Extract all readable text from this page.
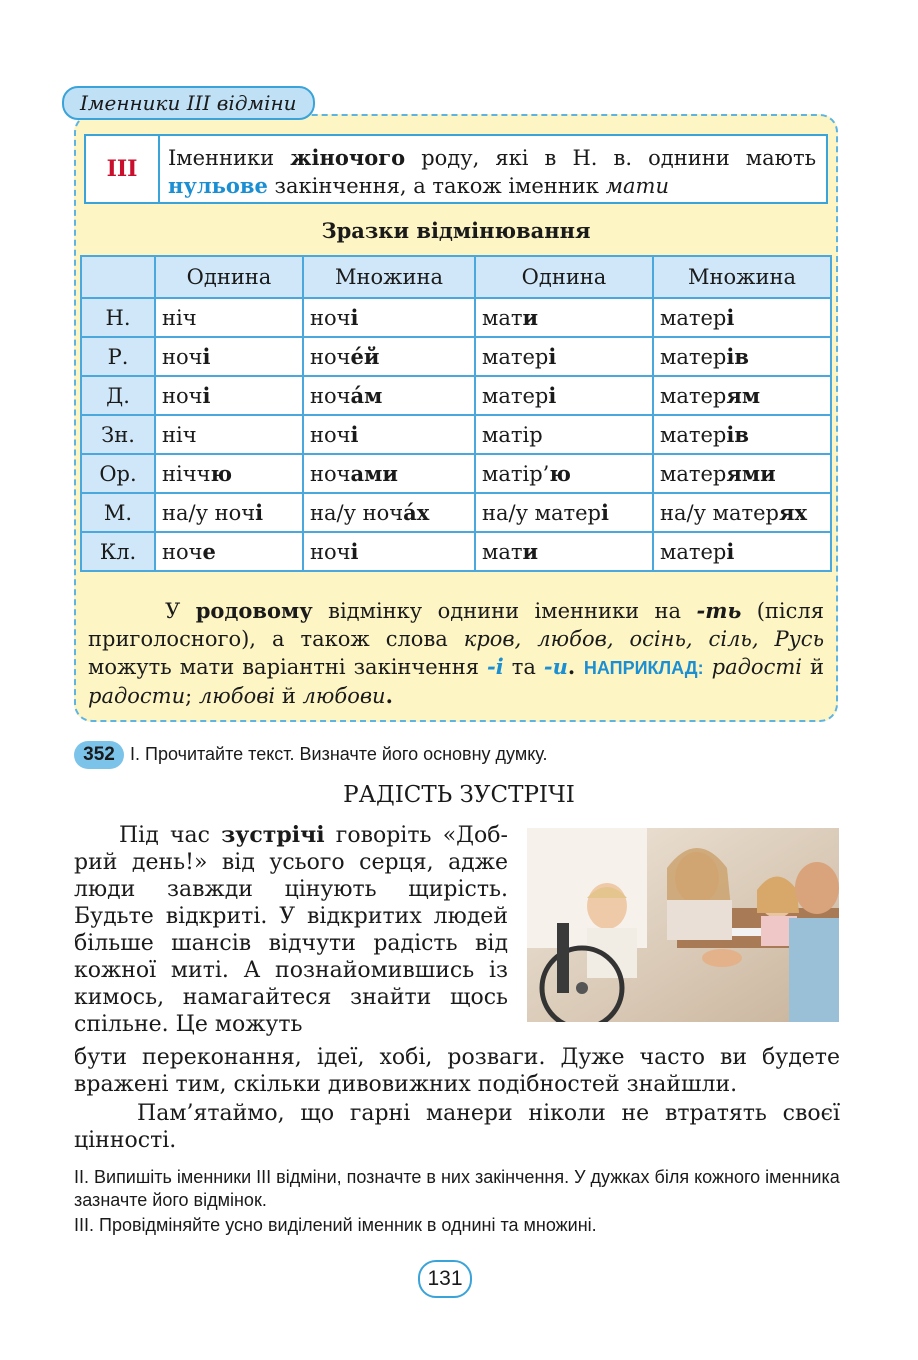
Іменники III відміни
III	Іменники жіночого роду, які в Н. в. однини мають нульове закінчення, а також іменник мати
Зразки відмінювання
	Однина	Множина	Однина	Множина
Н.	ніч	ночі	мати	матері
Р.	ночі	ноче́й	матері	матерів
Д.	ночі	ноча́м	матері	матерям
Зн.	ніч	ночі	матір	матерів
Ор.	ніччю	ночами	матір’ю	матерями
М.	на/у ночі	на/у ноча́х	на/у матері	на/у матерях
Кл.	ноче	ночі	мати	матері
У родовому відмінку однини іменники на -ть (після приголосного), а також слова кров, любов, осінь, сіль, Русь можуть мати варіантні закінчення -і та -и. НАПРИКЛАД: радості й радости; любові й любови.
352 І. Прочитайте текст. Визначте його основну думку.
РАДІСТЬ ЗУСТРІЧІ
Під час зустрічі говоріть «Добрий день!» від усього серця, адже люди завжди цінують щирість. Будьте відкриті. У відкритих людей більше шансів відчути радість від кожної миті. А познайомившись із кимось, намагайтеся знайти щось спільне. Це можуть
бути переконання, ідеї, хобі, розваги. Дуже часто ви будете вражені тим, скільки дивовижних подібностей знайшли.
Пам’ятаймо, що гарні манери ніколи не втратять своєї цінності.
II. Випишіть іменники III відміни, позначте в них закінчення. У дужках біля кожного іменника зазначте його відмінок.
III. Провідміняйте усно виділений іменник в однині та множині.
131
